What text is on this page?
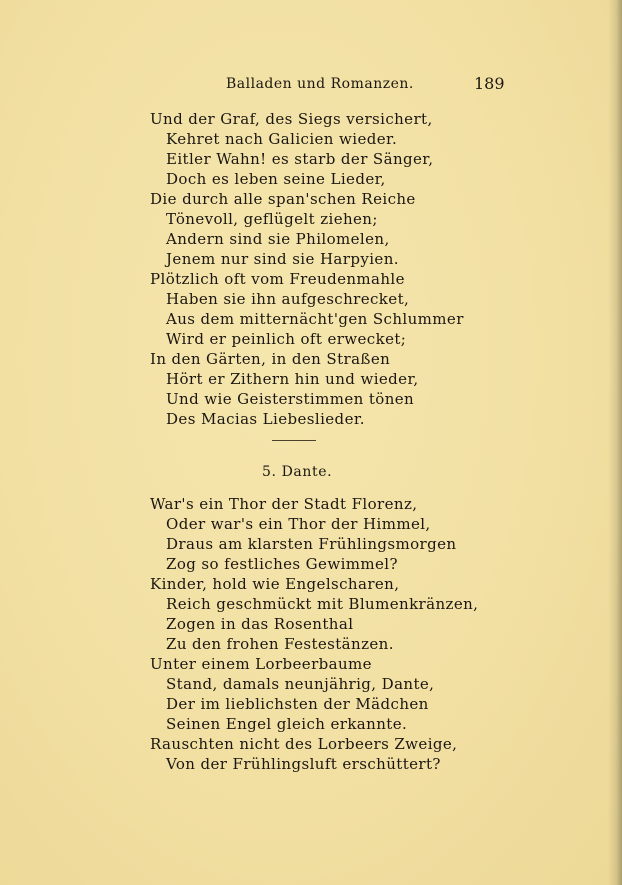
Balladen und Romanzen.	189
Und der Graf, des Siegs versichert,
Kehret nach Galicien wieder.
Eitler Wahn! es starb der Sänger,
Doch es leben seine Lieder,
Die durch alle span'schen Reiche
Tönevoll, geflügelt ziehen;
Andern sind sie Philomelen,
Jenem nur sind sie Harpyien.
Plötzlich oft vom Freudenmahle
Haben sie ihn aufgeschrecket,
Aus dem mitternächt'gen Schlummer
Wird er peinlich oft erwecket;
In den Gärten, in den Straßen
Hört er Zithern hin und wieder,
Und wie Geisterstimmen tönen
Des Macias Liebeslieder.
5. Dante.
War's ein Thor der Stadt Florenz,
Oder war's ein Thor der Himmel,
Draus am klarsten Frühlingsmorgen
Zog so festliches Gewimmel?
Kinder, hold wie Engelscharen,
Reich geschmückt mit Blumenkränzen,
Zogen in das Rosenthal
Zu den frohen Festestänzen.
Unter einem Lorbeerbaume
Stand, damals neunjährig, Dante,
Der im lieblichsten der Mädchen
Seinen Engel gleich erkannte.
Rauschten nicht des Lorbeers Zweige,
Von der Frühlingsluft erschüttert?
